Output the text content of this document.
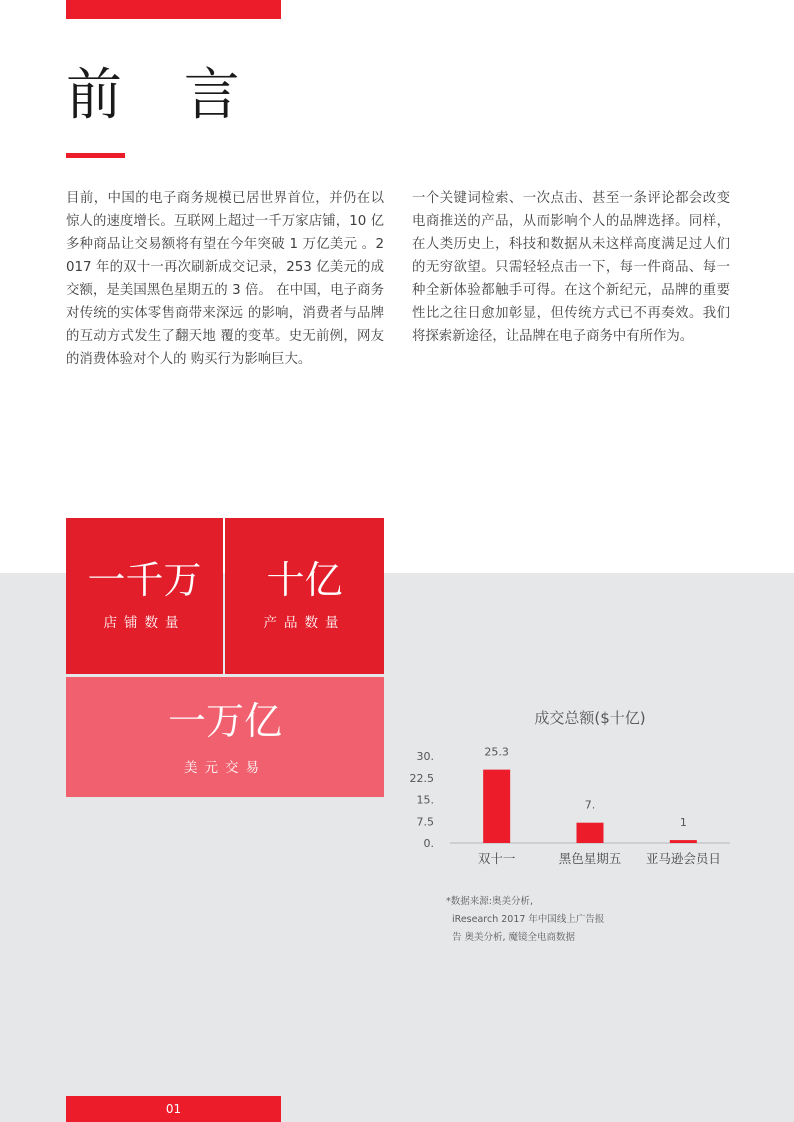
前 言

目前，中国的电子商务规模已居世界首位，并仍在以惊人的速度增长。互联网上超过一千万家店铺，10 亿多种商品让交易额将有望在今年突破 1 万亿美元 。2017 年的双十一再次刷新成交记录，253 亿美元的成交额，是美国黑色星期五的 3 倍。 在中国，电子商务对传统的实体零售商带来深远 的影响，消费者与品牌的互动方式发生了翻天地 覆的变革。史无前例，网友的消费体验对个人的 购买行为影响巨大。

一个关键词检索、一次点击、甚至一条评论都会改变电商推送的产品，从而影响个人的品牌选择。同样，在人类历史上，科技和数据从未这样高度满足过人们的无穷欲望。只需轻轻点击一下，每一件商品、每一种全新体验都触手可得。在这个新纪元，品牌的重要性比之往日愈加彰显，但传统方式已不再奏效。我们将探索新途径，让品牌在电子商务中有所作为。

一千万
店铺数量
十亿
产品数量
一万亿
美元交易
成交总额($十亿)
0.
7.5
15.
22.5
30.	25.3
7.
1
双十一	黑色星期五 亚马逊会员日
*数据来源:奥美分析,
iResearch 2017 年中国线上广告报
告 奥美分析, 魔镜全电商数据
01
